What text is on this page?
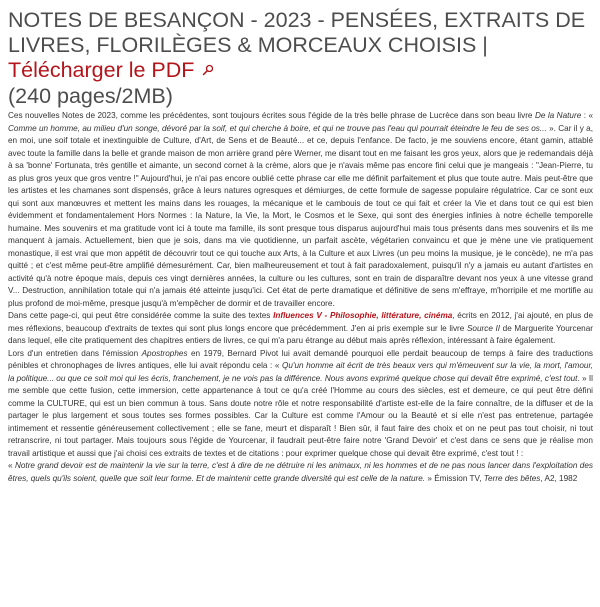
NOTES DE BESANÇON - 2023 - PENSÉES, EXTRAITS DE LIVRES, FLORILÈGES & MORCEAUX CHOISIS | Télécharger le PDF
(240 pages/2MB)

Ces nouvelles Notes de 2023, comme les précédentes, sont toujours écrites sous l'égide de la très belle phrase de Lucrèce dans son beau livre De la Nature : « Comme un homme, au milieu d'un songe, dévoré par la soif, et qui cherche à boire, et qui ne trouve pas l'eau qui pourrait éteindre le feu de ses os... ». Car il y a, en moi, une soif totale et inextinguible de Culture, d'Art, de Sens et de Beauté... et ce, depuis l'enfance. De facto, je me souviens encore, étant gamin, attablé avec toute la famille dans la belle et grande maison de mon arrière grand père Werner, me disant tout en me faisant les gros yeux, alors que je redemandais déjà à sa 'bonne' Fortunata, très gentille et aimante, un second cornet à la crème, alors que je n'avais même pas encore fini celui que je mangeais : "Jean-Pierre, tu as plus gros yeux que gros ventre !" Aujourd'hui, je n'ai pas encore oublié cette phrase car elle me définit parfaitement et plus que toute autre. Mais peut-être que les artistes et les chamanes sont dispensés, grâce à leurs natures ogresques et démiurges, de cette formule de sagesse populaire régulatrice. Car ce sont eux qui sont aux manœuvres et mettent les mains dans les rouages, la mécanique et le cambouis de tout ce qui fait et créer la Vie et dans tout ce qui est bien évidemment et fondamentalement Hors Normes : la Nature, la Vie, la Mort, le Cosmos et le Sexe, qui sont des énergies infinies à notre échelle temporelle humaine. Mes souvenirs et ma gratitude vont ici à toute ma famille, ils sont presque tous disparus aujourd'hui mais tous présents dans mes souvenirs et ils me manquent à jamais. Actuellement, bien que je sois, dans ma vie quotidienne, un parfait ascète, végétarien convaincu et que je mène une vie pratiquement monastique, il est vrai que mon appétit de découvrir tout ce qui touche aux Arts, à la Culture et aux Livres (un peu moins la musique, je le concède), ne m'a pas quitté ; et c'est même peut-être amplifié démesurément. Car, bien malheureusement et tout à fait paradoxalement, puisqu'il n'y a jamais eu autant d'artistes en activité qu'à notre époque mais, depuis ces vingt dernières années, la culture ou les cultures, sont en train de disparaître devant nos yeux à une vitesse grand V... Destruction, annihilation totale qui n'a jamais été atteinte jusqu'ici. Cet état de perte dramatique et définitive de sens m'effraye, m'horripile et me mortifie au plus profond de moi-même, presque jusqu'à m'empêcher de dormir et de travailler encore.

Dans cette page-ci, qui peut être considérée comme la suite des textes Influences V - Philosophie, littérature, cinéma, écrits en 2012, j'ai ajouté, en plus de mes réflexions, beaucoup d'extraits de textes qui sont plus longs encore que précédemment. J'en ai pris exemple sur le livre Source II de Marguerite Yourcenar dans lequel, elle cite pratiquement des chapitres entiers de livres, ce qui m'a paru étrange au début mais après réflexion, intéressant à faire également.

Lors d'un entretien dans l'émission Apostrophes en 1979, Bernard Pivot lui avait demandé pourquoi elle perdait beaucoup de temps à faire des traductions pénibles et chronophages de livres antiques, elle lui avait répondu cela : « Qu'un homme ait écrit de très beaux vers qui m'émeuvent sur la vie, la mort, l'amour, la politique... ou que ce soit moi qui les écris, franchement, je ne vois pas la différence. Nous avons exprimé quelque chose qui devait être exprimé, c'est tout. » Il me semble que cette fusion, cette immersion, cette appartenance à tout ce qu'a créé l'Homme au cours des siècles, est et demeure, ce qui peut être défini comme la CULTURE, qui est un bien commun à tous. Sans doute notre rôle et notre responsabilité d'artiste est-elle de la faire connaître, de la diffuser et de la partager le plus largement et sous toutes ses formes possibles. Car la Culture est comme l'Amour ou la Beauté et si elle n'est pas entretenue, partagée intimement et ressentie généreusement collectivement ; elle se fane, meurt et disparaît ! Bien sûr, il faut faire des choix et on ne peut pas tout choisir, ni tout retranscrire, ni tout partager. Mais toujours sous l'égide de Yourcenar, il faudrait peut-être faire notre 'Grand Devoir' et c'est dans ce sens que je réalise mon travail artistique et aussi que j'ai choisi ces extraits de textes et de citations : pour exprimer quelque chose qui devait être exprimé, c'est tout ! :

« Notre grand devoir est de maintenir la vie sur la terre, c'est à dire de ne détruire ni les animaux, ni les hommes et de ne pas nous lancer dans l'exploitation des êtres, quels qu'ils soient, quelle que soit leur forme. Et de maintenir cette grande diversité qui est celle de la nature. » Émission TV, Terre des bêtes, A2, 1982
